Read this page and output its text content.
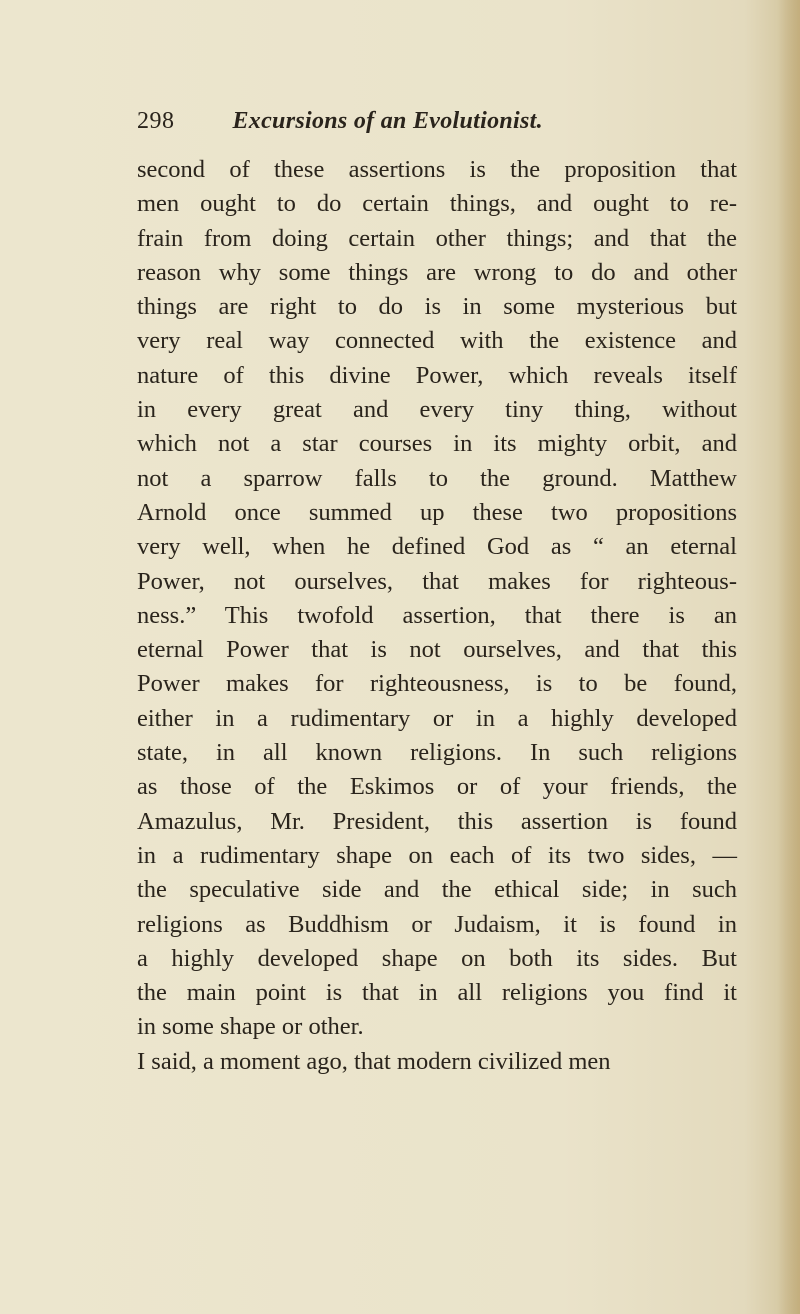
298 Excursions of an Evolutionist.
second of these assertions is the proposition that
men ought to do certain things, and ought to re-
frain from doing certain other things; and that the
reason why some things are wrong to do and other
things are right to do is in some mysterious but
very real way connected with the existence and
nature of this divine Power, which reveals itself
in every great and every tiny thing, without
which not a star courses in its mighty orbit, and
not a sparrow falls to the ground. Matthew
Arnold once summed up these two propositions
very well, when he defined God as “ an eternal
Power, not ourselves, that makes for righteous-
ness.” This twofold assertion, that there is an
eternal Power that is not ourselves, and that this
Power makes for righteousness, is to be found,
either in a rudimentary or in a highly developed
state, in all known religions. In such religions
as those of the Eskimos or of your friends, the
Amazulus, Mr. President, this assertion is found
in a rudimentary shape on each of its two sides, —
the speculative side and the ethical side; in such
religions as Buddhism or Judaism, it is found in
a highly developed shape on both its sides. But
the main point is that in all religions you find it
in some shape or other.
I said, a moment ago, that modern civilized men
